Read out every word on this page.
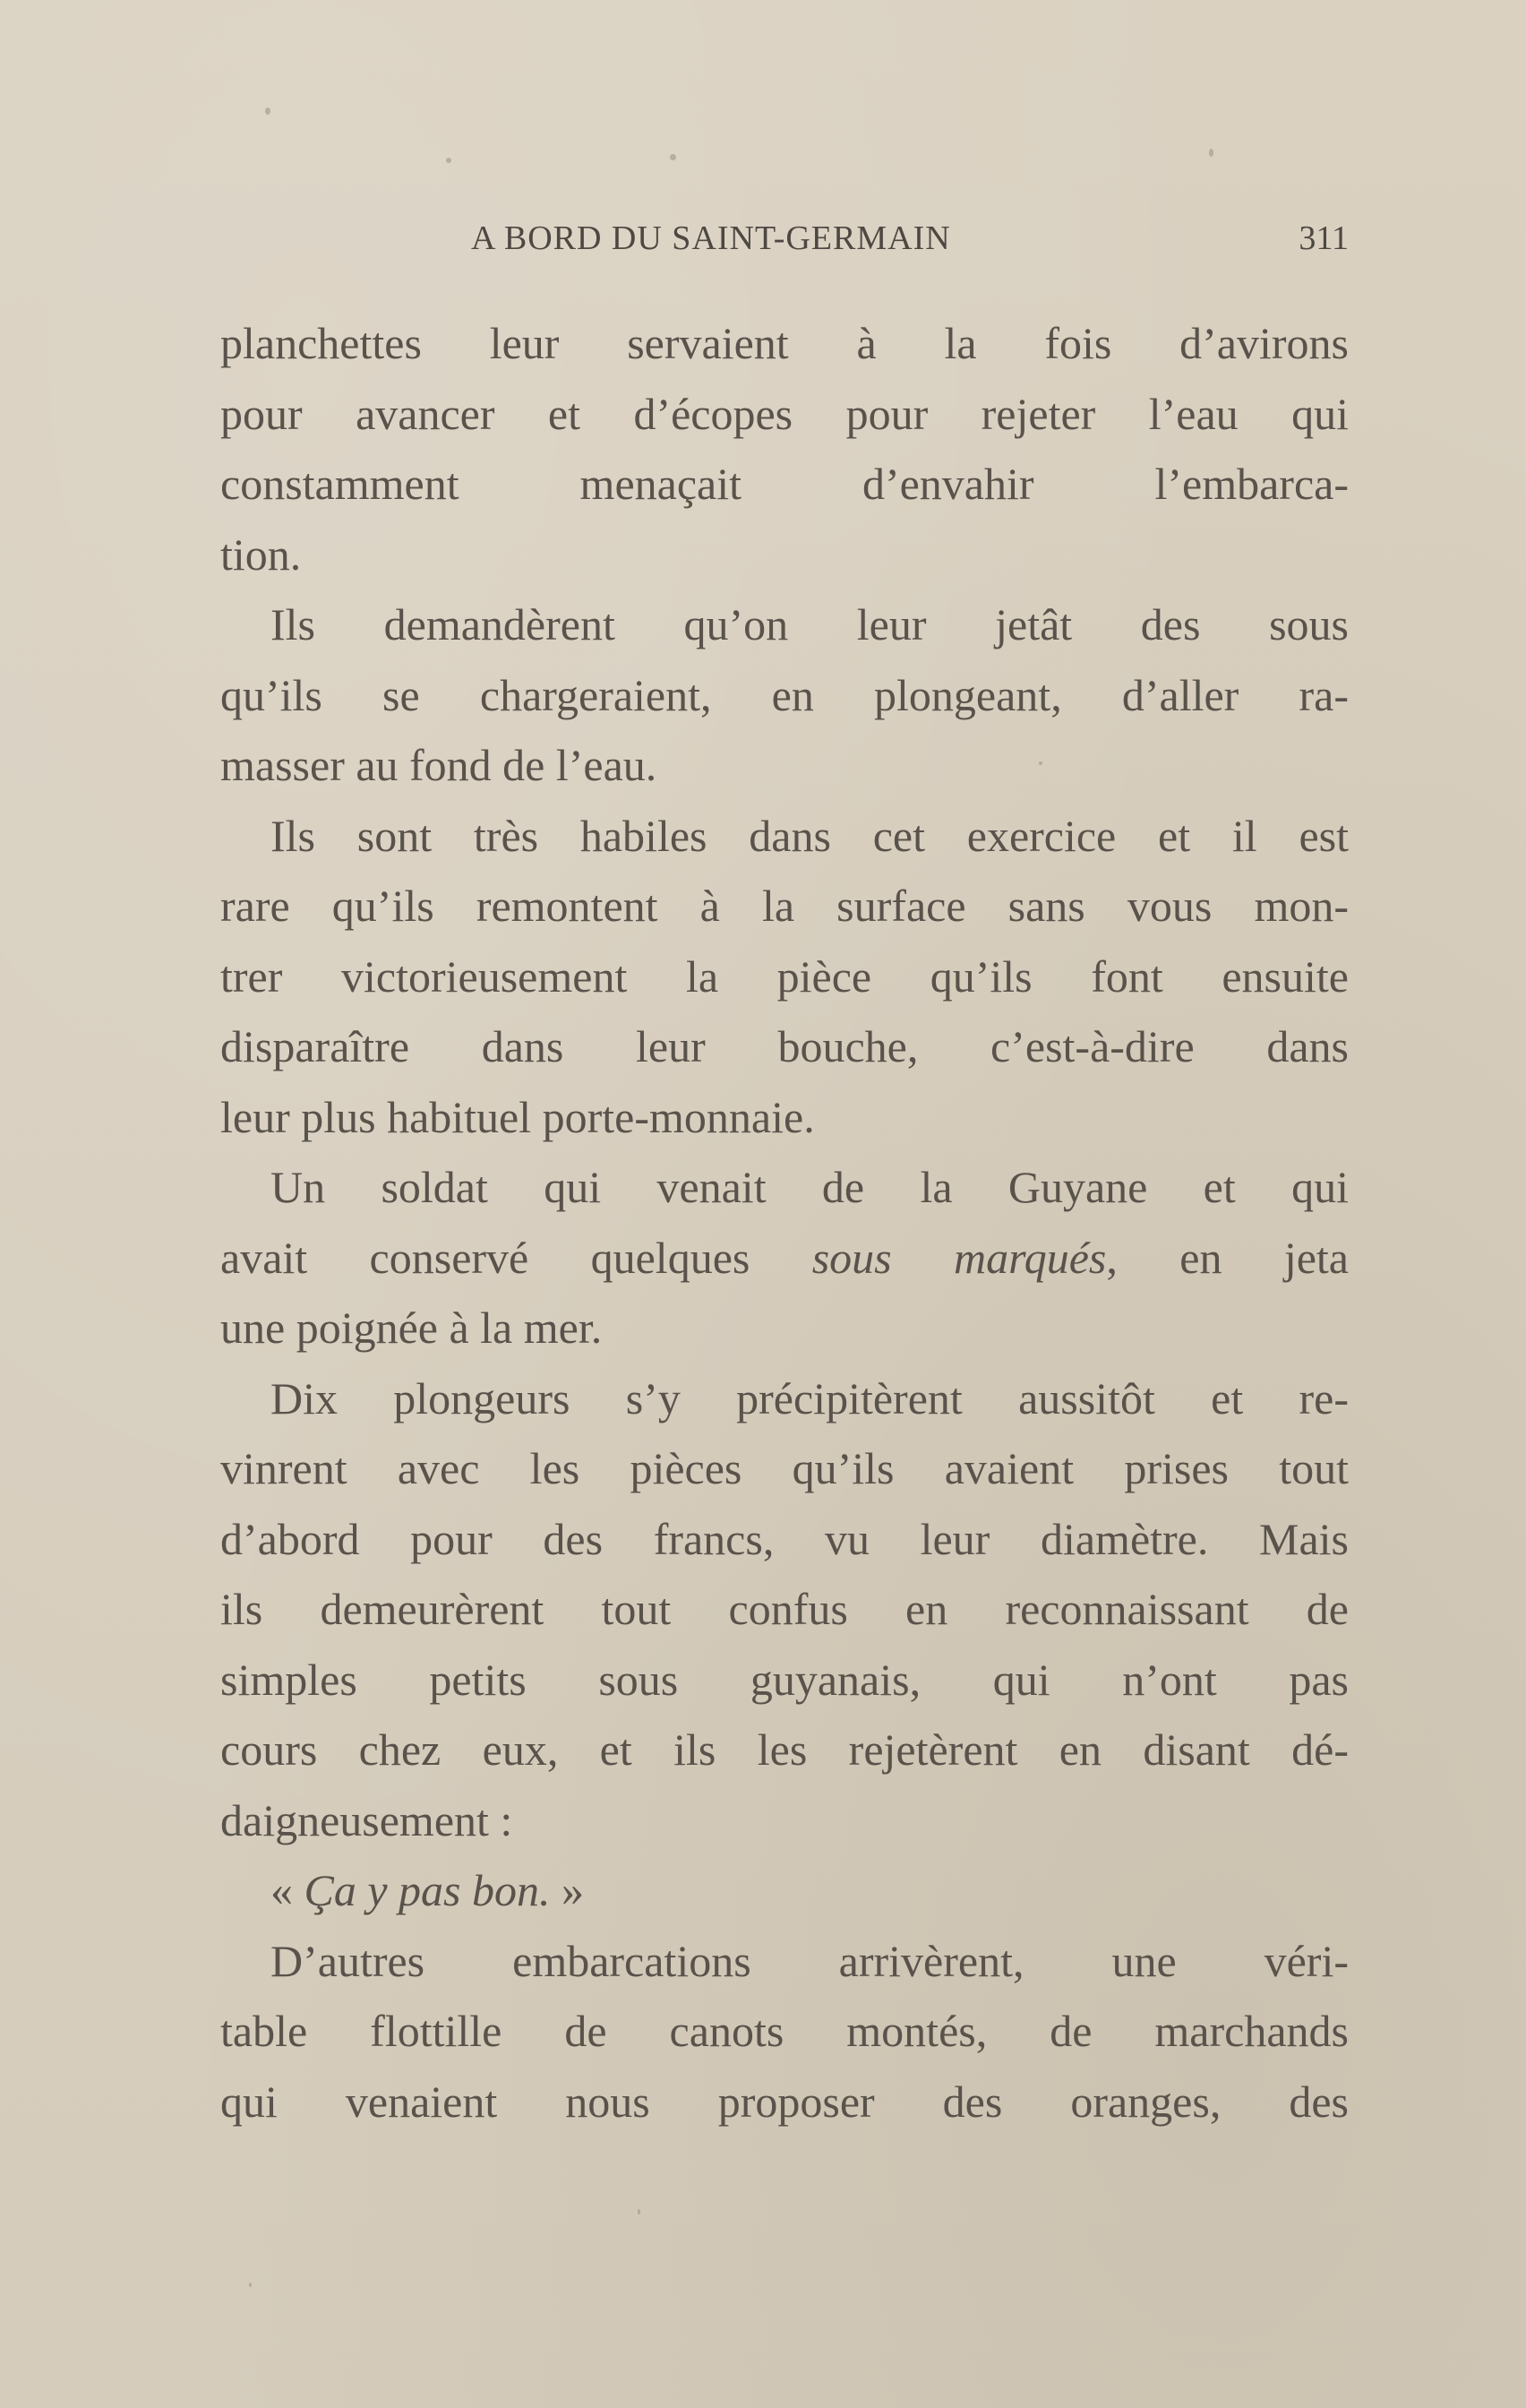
A BORD DU SAINT-GERMAIN	311
planchettes leur servaient à la fois d’avirons
pour avancer et d’écopes pour rejeter l’eau qui
constamment menaçait d’envahir l’embarca-
tion.
Ils demandèrent qu’on leur jetât des sous
qu’ils se chargeraient, en plongeant, d’aller ra-
masser au fond de l’eau.
Ils sont très habiles dans cet exercice et il est
rare qu’ils remontent à la surface sans vous mon-
trer victorieusement la pièce qu’ils font ensuite
disparaître dans leur bouche, c’est-à-dire dans
leur plus habituel porte-monnaie.
Un soldat qui venait de la Guyane et qui
avait conservé quelques sous marqués, en jeta
une poignée à la mer.
Dix plongeurs s’y précipitèrent aussitôt et re-
vinrent avec les pièces qu’ils avaient prises tout
d’abord pour des francs, vu leur diamètre. Mais
ils demeurèrent tout confus en reconnaissant de
simples petits sous guyanais, qui n’ont pas
cours chez eux, et ils les rejetèrent en disant dé-
daigneusement :
« Ça y pas bon. »
D’autres embarcations arrivèrent, une véri-
table flottille de canots montés, de marchands
qui venaient nous proposer des oranges, des
